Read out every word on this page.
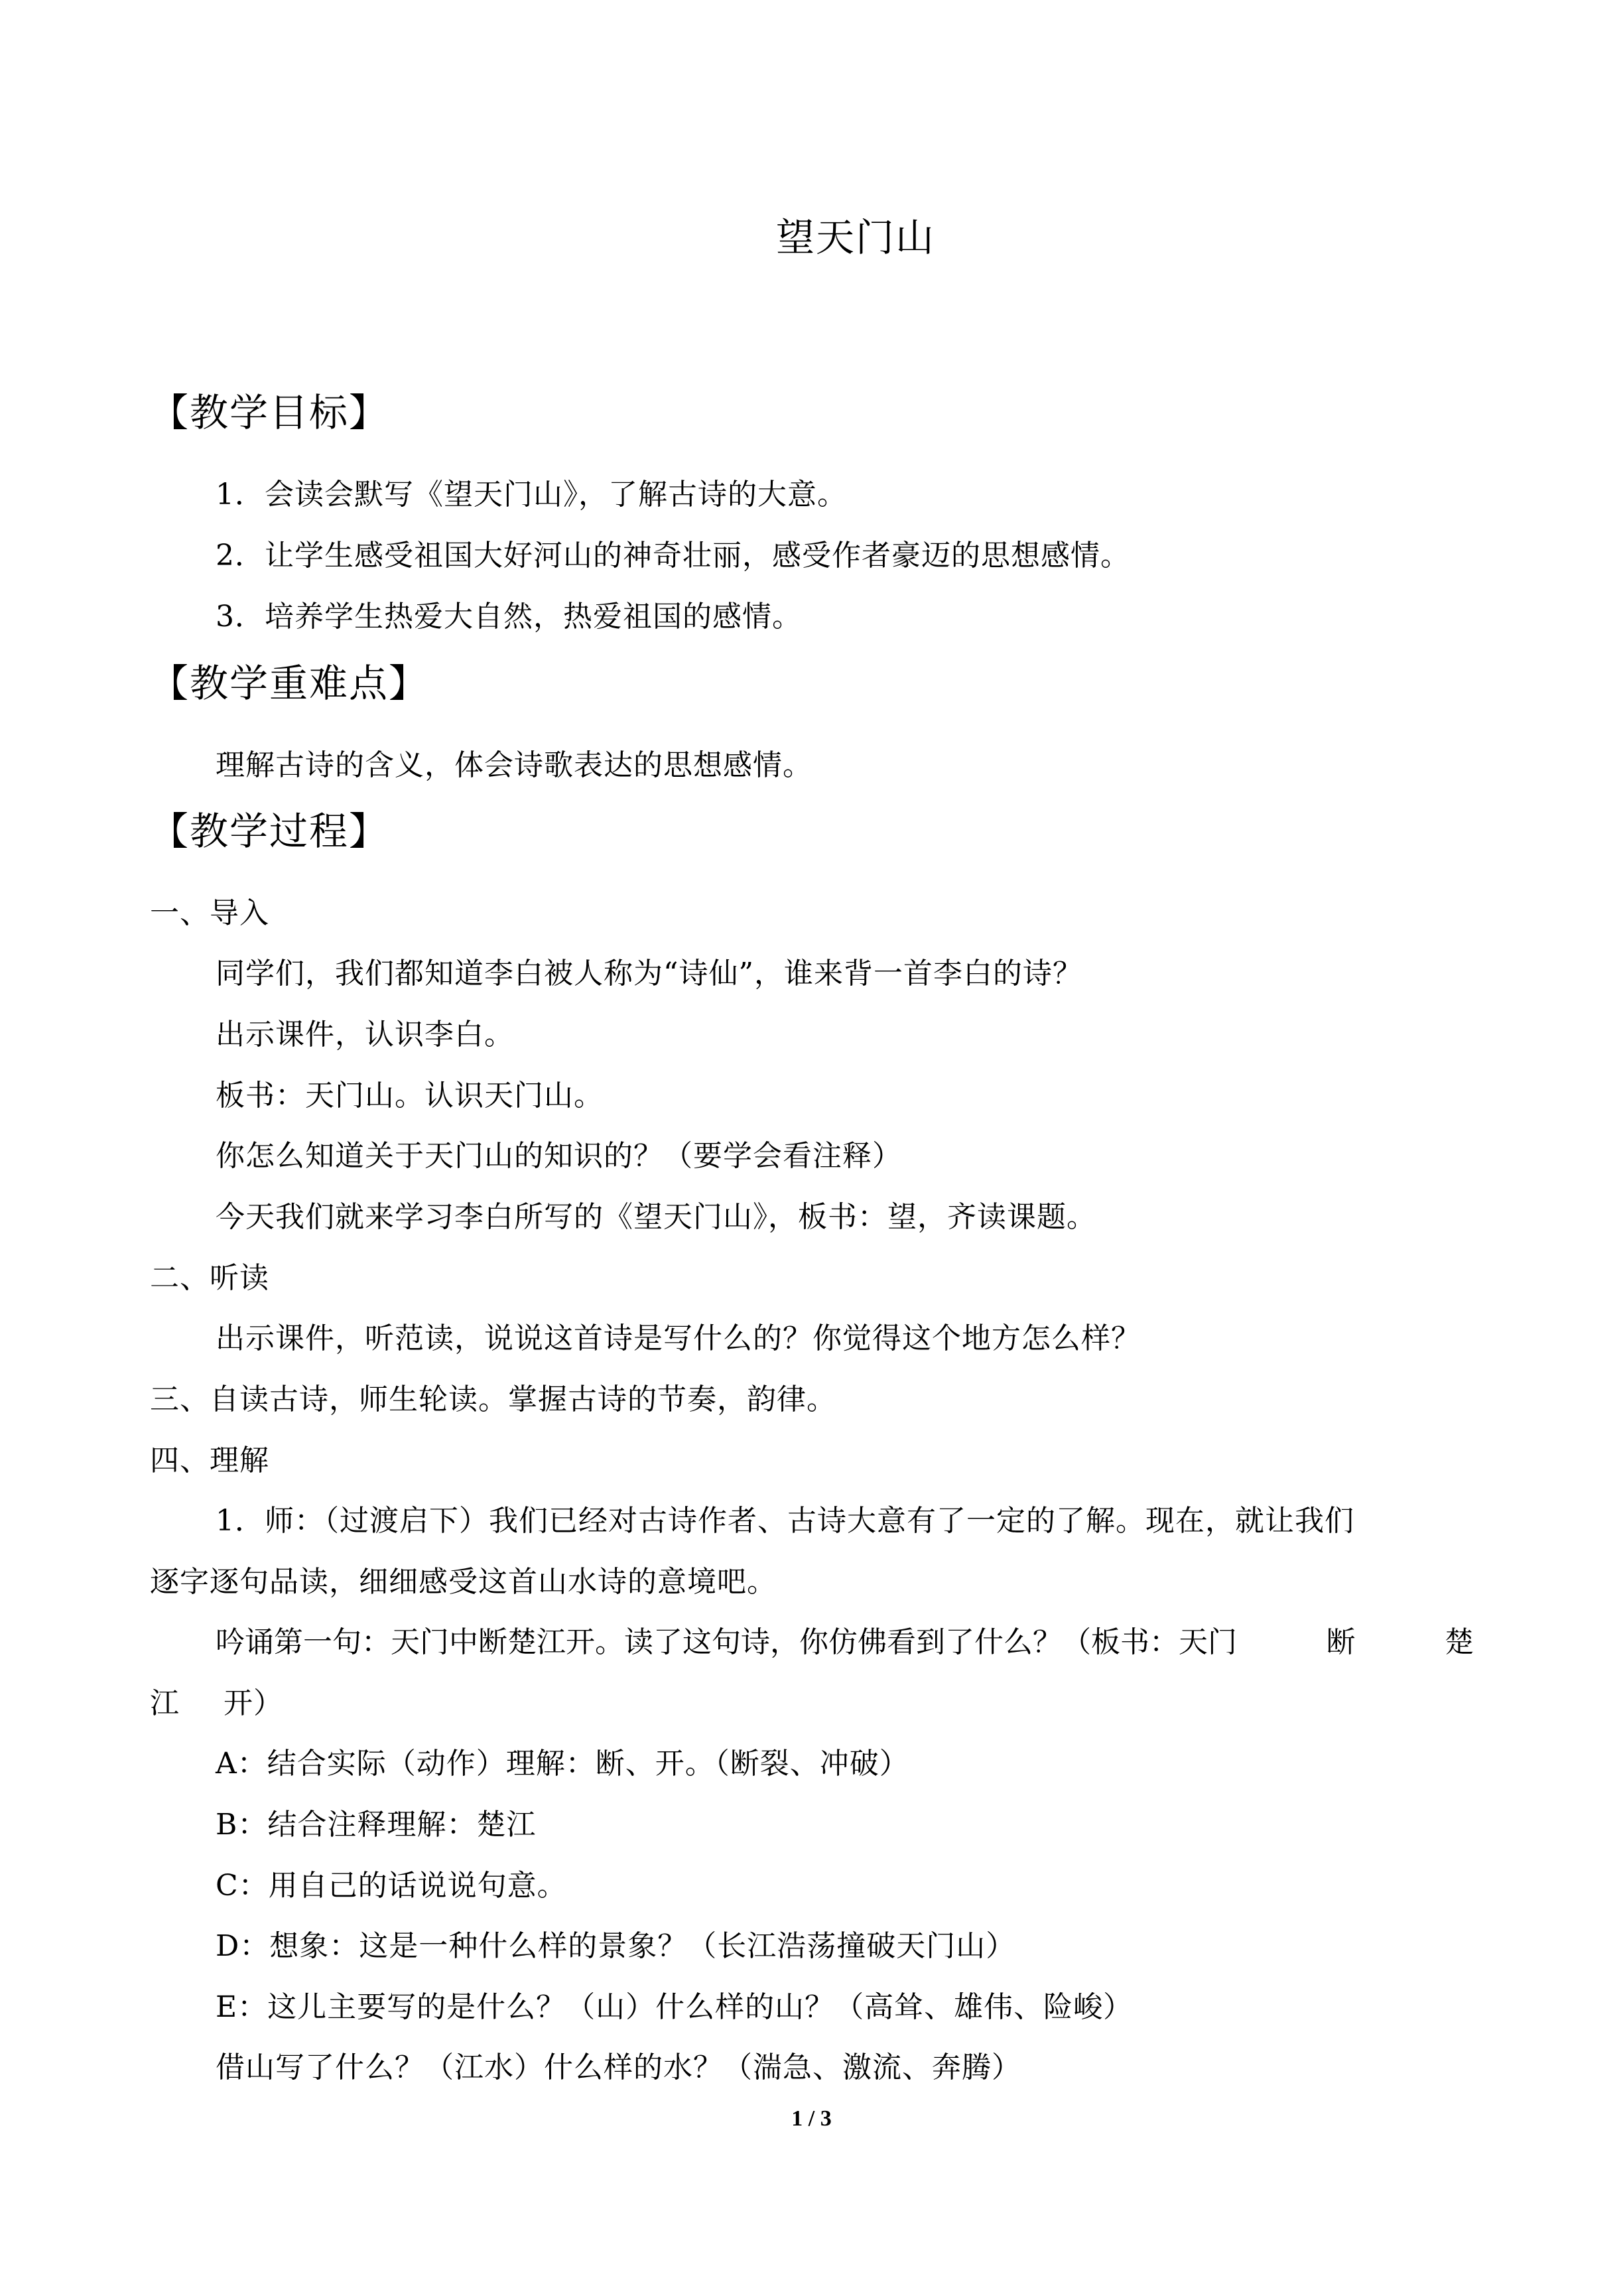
望天门山
【教学目标】
1．会读会默写《望天门山》，了解古诗的大意。
2．让学生感受祖国大好河山的神奇壮丽，感受作者豪迈的思想感情。
3．培养学生热爱大自然，热爱祖国的感情。
【教学重难点】
理解古诗的含义，体会诗歌表达的思想感情。
【教学过程】
一、导入
同学们，我们都知道李白被人称为“诗仙”，谁来背一首李白的诗？
出示课件，认识李白。
板书：天门山。认识天门山。
你怎么知道关于天门山的知识的？（要学会看注释）
今天我们就来学习李白所写的《望天门山》，板书：望，齐读课题。
二、听读
出示课件，听范读，说说这首诗是写什么的？你觉得这个地方怎么样？
三、自读古诗，师生轮读。掌握古诗的节奏，韵律。
四、理解
1．师：（过渡启下）我们已经对古诗作者、古诗大意有了一定的了解。现在，就让我们
逐字逐句品读，细细感受这首山水诗的意境吧。
吟诵第一句：天门中断楚江开。读了这句诗，你仿佛看到了什么？（板书：天门	断	楚
江 开）
A：结合实际（动作）理解：断、开。（断裂、冲破）
B：结合注释理解：楚江
C：用自己的话说说句意。
D：想象：这是一种什么样的景象？（长江浩荡撞破天门山）
E：这儿主要写的是什么？（山）什么样的山？（高耸、雄伟、险峻）
借山写了什么？（江水）什么样的水？（湍急、激流、奔腾）
1 / 3
